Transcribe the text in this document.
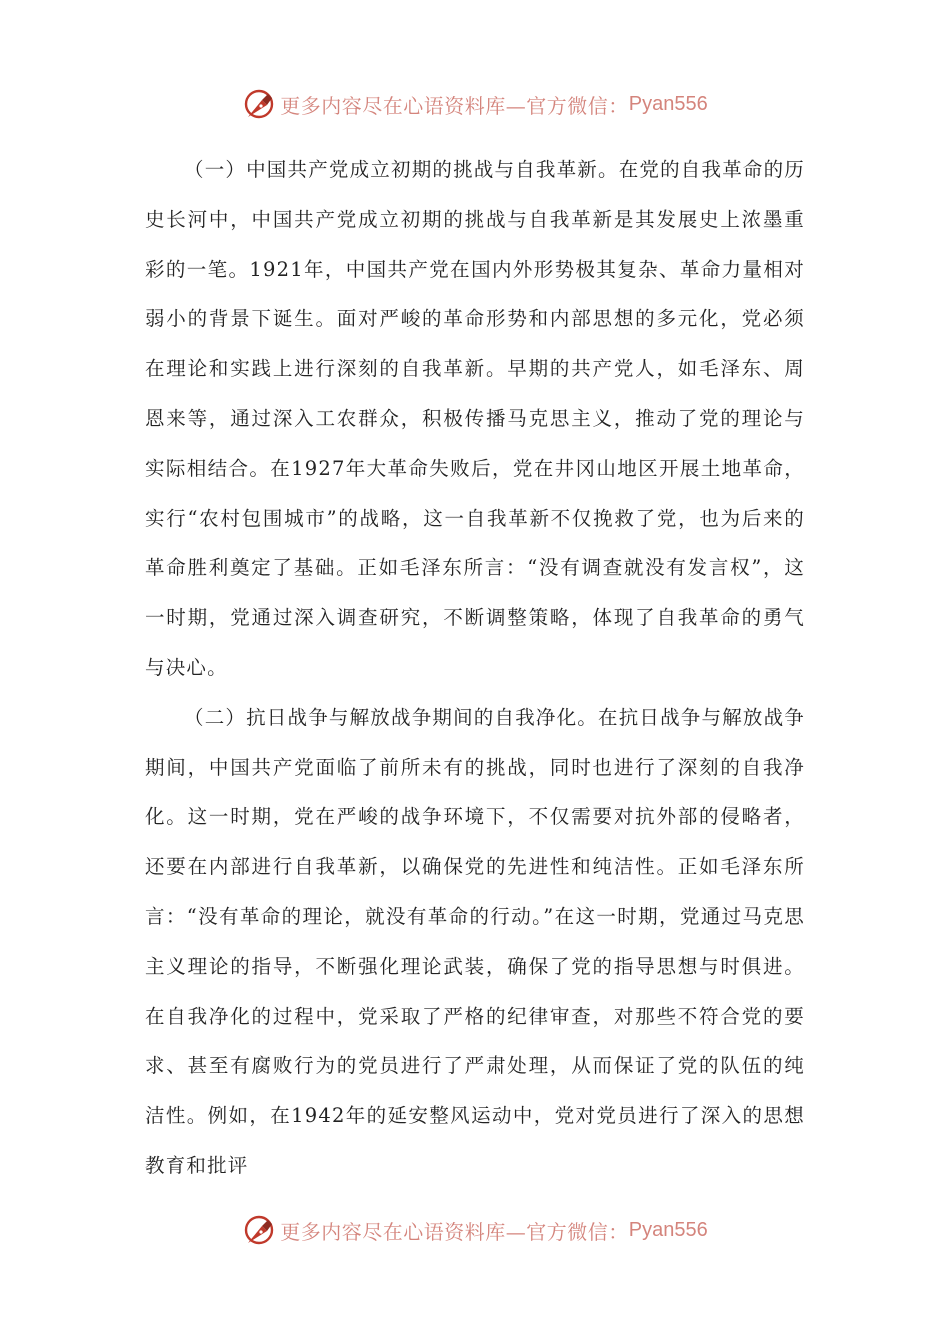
更多内容尽在心语资料库—官方微信： Pyan556

（一）中国共产党成立初期的挑战与自我革新。在党的自我革命的历史长河中，中国共产党成立初期的挑战与自我革新是其发展史上浓墨重彩的一笔。1921年，中国共产党在国内外形势极其复杂、革命力量相对弱小的背景下诞生。面对严峻的革命形势和内部思想的多元化，党必须在理论和实践上进行深刻的自我革新。早期的共产党人，如毛泽东、周恩来等，通过深入工农群众，积极传播马克思主义，推动了党的理论与实际相结合。在1927年大革命失败后，党在井冈山地区开展土地革命，实行“农村包围城市”的战略，这一自我革新不仅挽救了党，也为后来的革命胜利奠定了基础。正如毛泽东所言：“没有调查就没有发言权”，这一时期，党通过深入调查研究，不断调整策略，体现了自我革命的勇气与决心。

（二）抗日战争与解放战争期间的自我净化。在抗日战争与解放战争期间，中国共产党面临了前所未有的挑战，同时也进行了深刻的自我净化。这一时期，党在严峻的战争环境下，不仅需要对抗外部的侵略者，还要在内部进行自我革新，以确保党的先进性和纯洁性。正如毛泽东所言：“没有革命的理论，就没有革命的行动。”在这一时期，党通过马克思主义理论的指导，不断强化理论武装，确保了党的指导思想与时俱进。在自我净化的过程中，党采取了严格的纪律审查，对那些不符合党的要求、甚至有腐败行为的党员进行了严肃处理，从而保证了党的队伍的纯洁性。例如，在1942年的延安整风运动中，党对党员进行了深入的思想教育和批评

更多内容尽在心语资料库—官方微信： Pyan556
